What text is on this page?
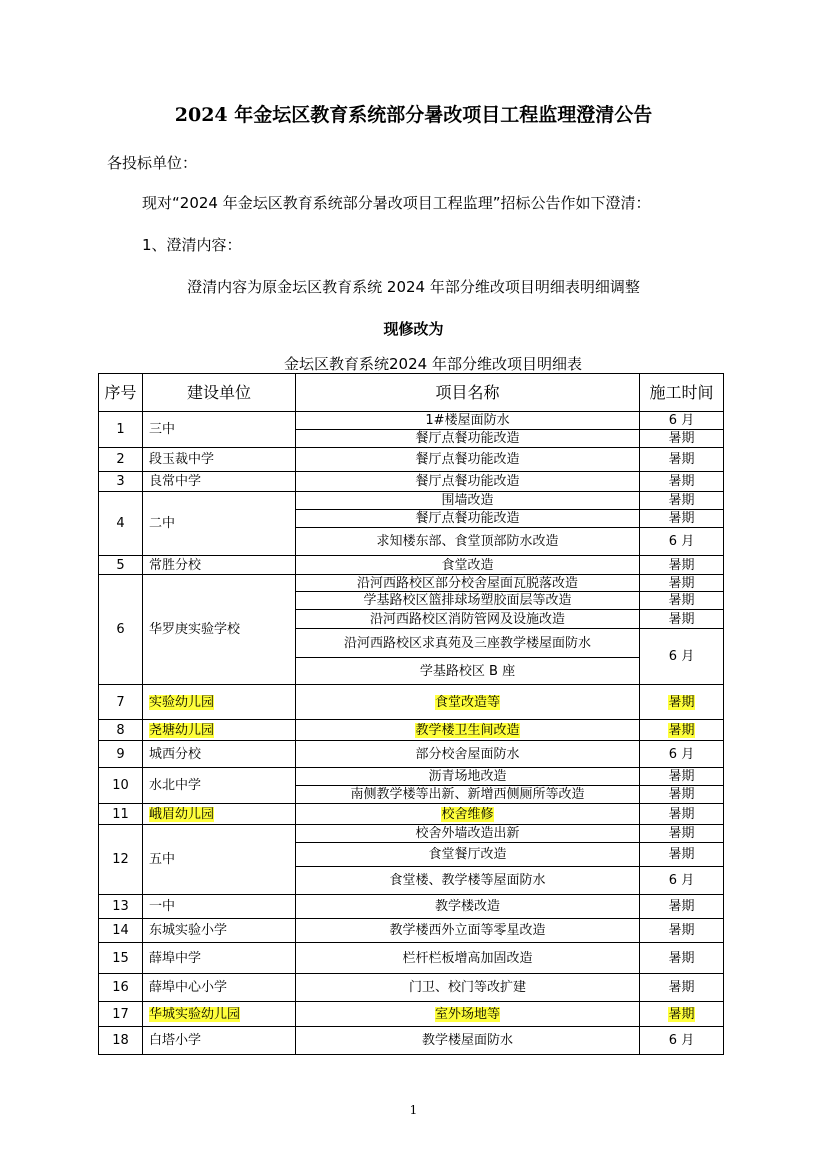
2024 年金坛区教育系统部分暑改项目工程监理澄清公告
各投标单位：
现对“2024 年金坛区教育系统部分暑改项目工程监理”招标公告作如下澄清：
1、澄清内容：
澄清内容为原金坛区教育系统 2024 年部分维改项目明细表明细调整
现修改为
金坛区教育系统2024 年部分维改项目明细表
序号	建设单位	项目名称	施工时间
1	三中	1#楼屋面防水	6 月
		餐厅点餐功能改造	暑期
2	段玉裁中学	餐厅点餐功能改造	暑期
3	良常中学	餐厅点餐功能改造	暑期
4	二中	围墙改造	暑期
		餐厅点餐功能改造	暑期
		求知楼东部、食堂顶部防水改造	6 月
5	常胜分校	食堂改造	暑期
6	华罗庚实验学校	沿河西路校区部分校舍屋面瓦脱落改造	暑期
		学基路校区篮排球场塑胶面层等改造	暑期
		沿河西路校区消防管网及设施改造	暑期
		沿河西路校区求真苑及三座教学楼屋面防水	6 月
		学基路校区 B 座	
7	实验幼儿园	食堂改造等	暑期
8	尧塘幼儿园	教学楼卫生间改造	暑期
9	城西分校	部分校舍屋面防水	6 月
10	水北中学	沥青场地改造	暑期
		南侧教学楼等出新、新增西侧厕所等改造	暑期
11	峨眉幼儿园	校舍维修	暑期
12	五中	校舍外墙改造出新	暑期
		食堂餐厅改造	暑期
		食堂楼、教学楼等屋面防水	6 月
13	一中	教学楼改造	暑期
14	东城实验小学	教学楼西外立面等零星改造	暑期
15	薛埠中学	栏杆栏板增高加固改造	暑期
16	薛埠中心小学	门卫、校门等改扩建	暑期
17	华城实验幼儿园	室外场地等	暑期
18	白塔小学	教学楼屋面防水	6 月
1
